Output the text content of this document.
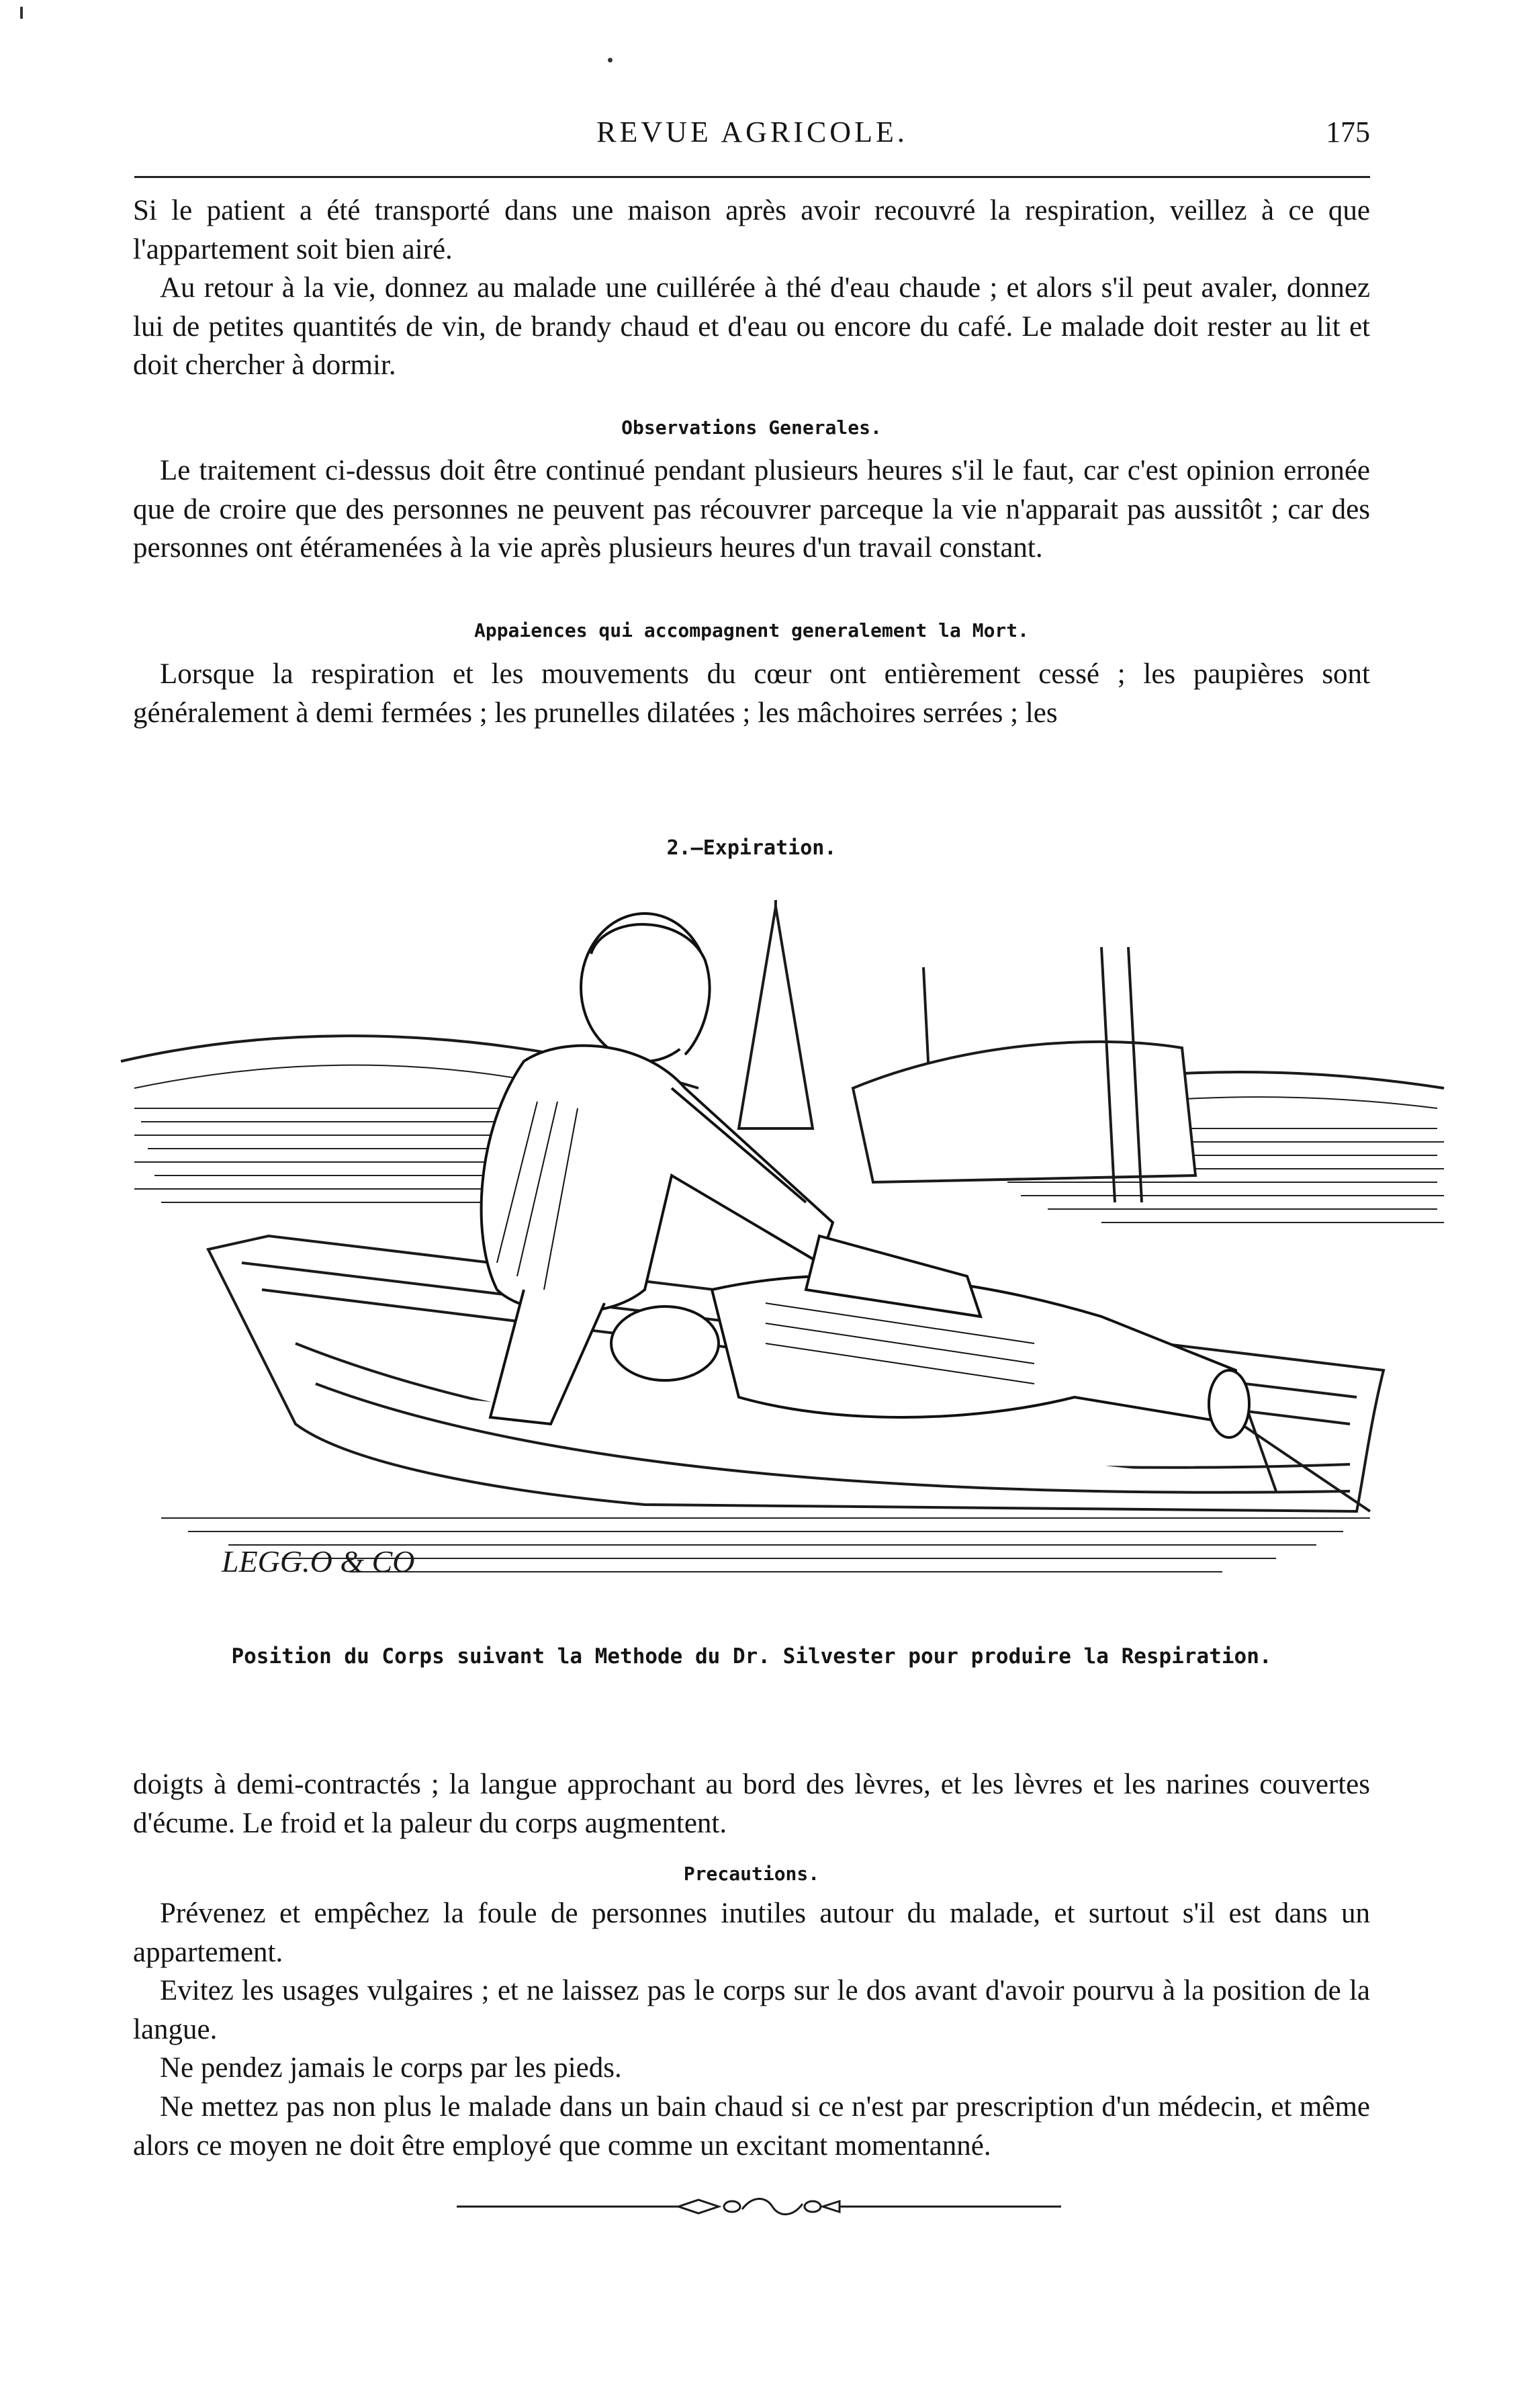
REVUE AGRICOLE.	175

Si le patient a été transporté dans une maison après avoir recouvré la respiration, veillez à ce que l'appartement soit bien airé.

Au retour à la vie, donnez au malade une cuillérée à thé d'eau chaude ; et alors s'il peut avaler, donnez lui de petites quantités de vin, de brandy chaud et d'eau ou encore du café. Le malade doit rester au lit et doit chercher à dormir.

Observations Generales.

Le traitement ci-dessus doit être continué pendant plusieurs heures s'il le faut, car c'est opinion erronée que de croire que des personnes ne peuvent pas récouvrer parceque la vie n'apparait pas aussitôt ; car des personnes ont étéramenées à la vie après plusieurs heures d'un travail constant.

Appaiences qui accompagnent generalement la Mort.

Lorsque la respiration et les mouvements du cœur ont entièrement cessé ; les paupières sont généralement à demi fermées ; les prunelles dilatées ; les mâchoires serrées ; les

2.—Expiration.
LEGG.O & CO
Position du Corps suivant la Methode du Dr. Silvester pour produire la Respiration.

doigts à demi-contractés ; la langue approchant au bord des lèvres, et les lèvres et les narines couvertes d'écume. Le froid et la paleur du corps augmentent.

Precautions.

Prévenez et empêchez la foule de personnes inutiles autour du malade, et surtout s'il est dans un appartement.

Evitez les usages vulgaires ; et ne laissez pas le corps sur le dos avant d'avoir pourvu à la position de la langue.

Ne pendez jamais le corps par les pieds.

Ne mettez pas non plus le malade dans un bain chaud si ce n'est par prescription d'un médecin, et même alors ce moyen ne doit être employé que comme un excitant momentanné.
